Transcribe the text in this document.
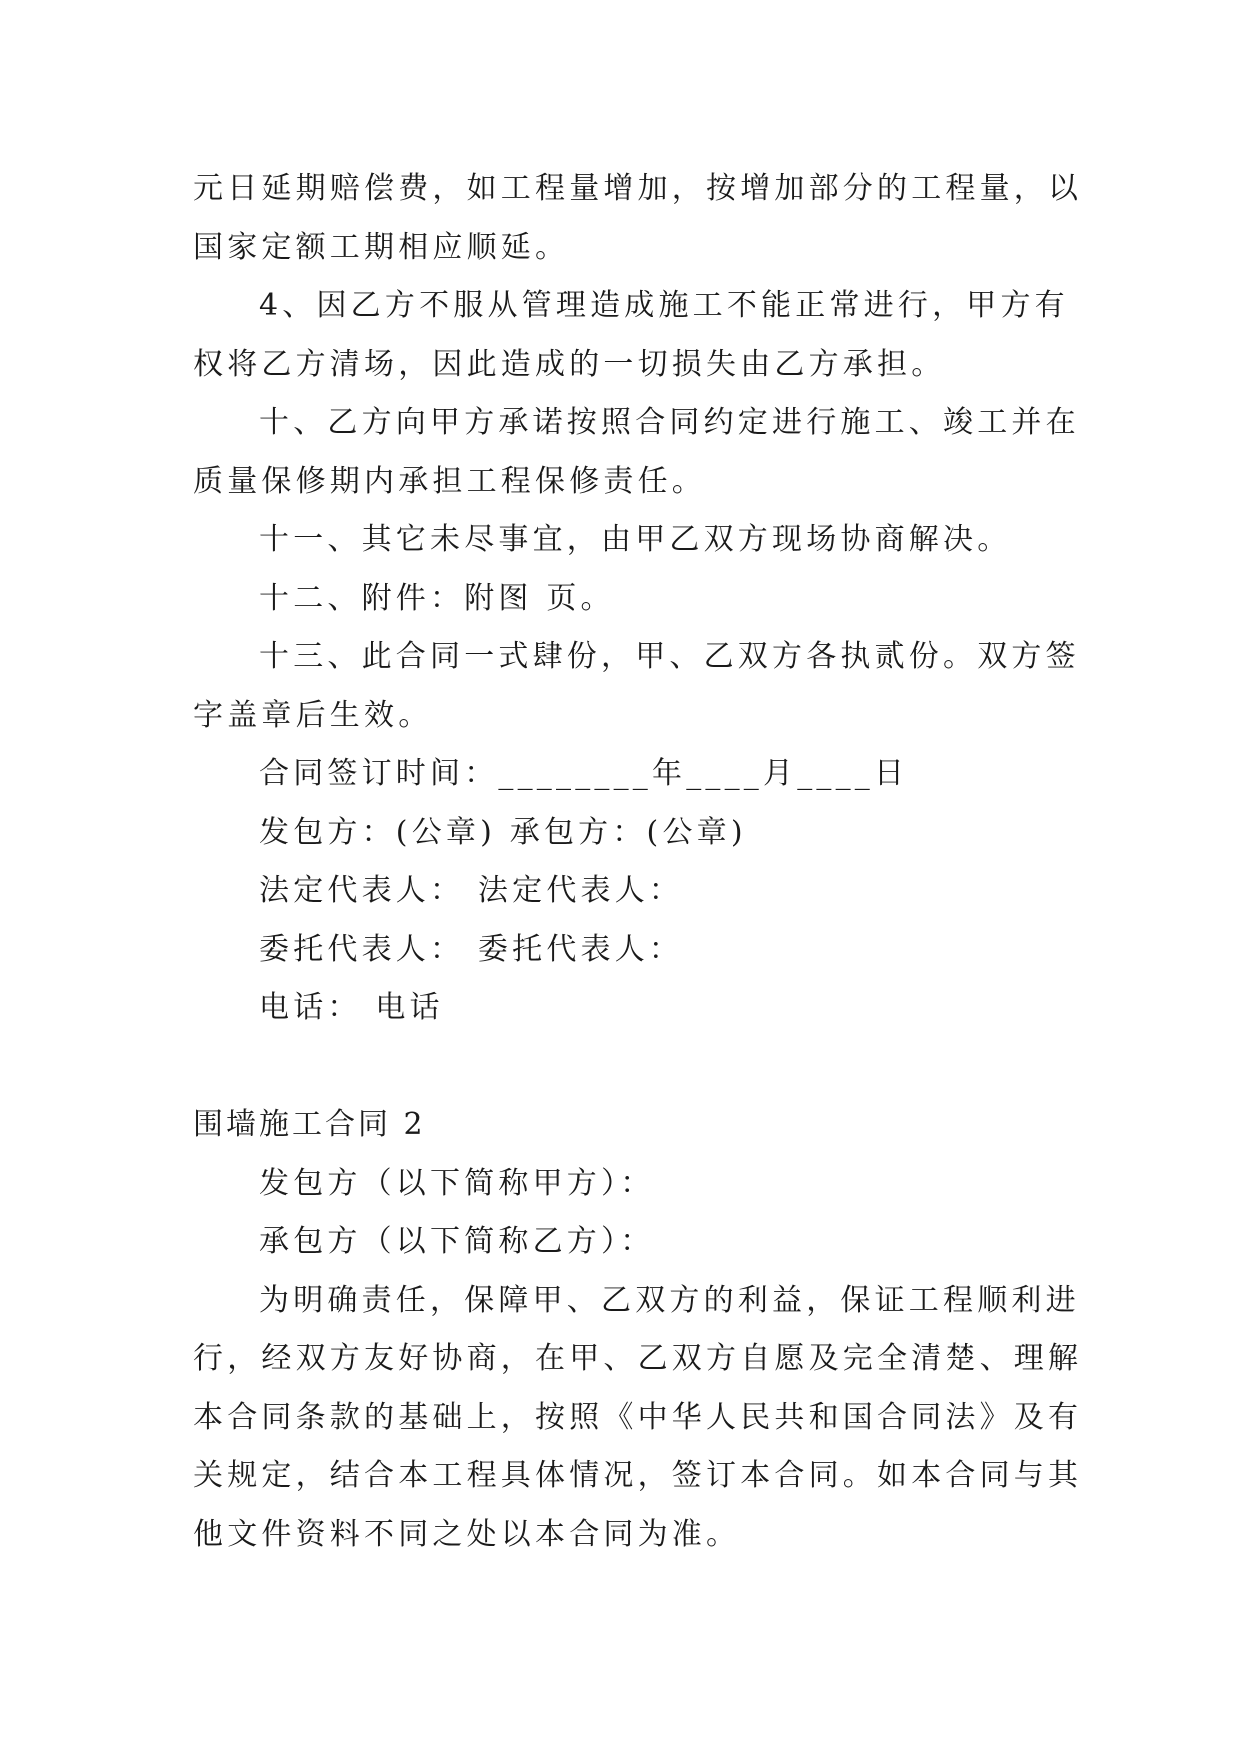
元日延期赔偿费，如工程量增加，按增加部分的工程量，以
国家定额工期相应顺延。
4、因乙方不服从管理造成施工不能正常进行，甲方有
权将乙方清场，因此造成的一切损失由乙方承担。
十、乙方向甲方承诺按照合同约定进行施工、竣工并在
质量保修期内承担工程保修责任。
十一、其它未尽事宜，由甲乙双方现场协商解决。
十二、附件：附图 页。
十三、此合同一式肆份，甲、乙双方各执贰份。双方签
字盖章后生效。
合同签订时间：________年____月____日
发包方：(公章) 承包方：(公章)
法定代表人： 法定代表人：
委托代表人： 委托代表人：
电话： 电话
围墙施工合同 2
发包方（以下简称甲方）：
承包方（以下简称乙方）：
为明确责任，保障甲、乙双方的利益，保证工程顺利进
行，经双方友好协商，在甲、乙双方自愿及完全清楚、理解
本合同条款的基础上，按照《中华人民共和国合同法》及有
关规定，结合本工程具体情况，签订本合同。如本合同与其
他文件资料不同之处以本合同为准。
